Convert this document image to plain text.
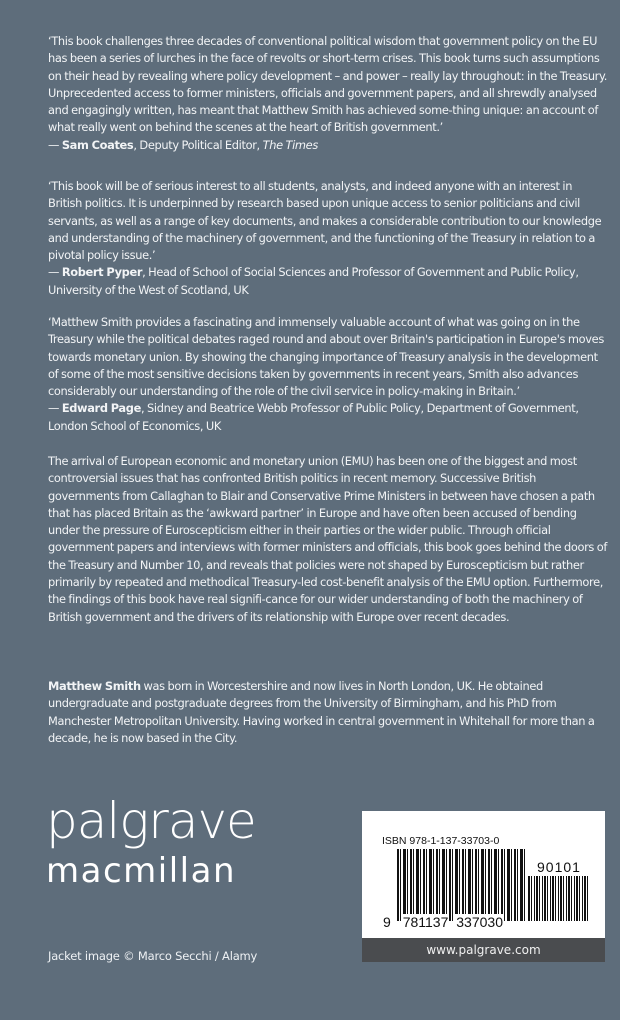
‘This book challenges three decades of conventional political wisdom that government policy on the EU has been a series of lurches in the face of revolts or short-term crises. This book turns such assumptions on their head by revealing where policy development – and power – really lay throughout: in the Treasury. Unprecedented access to former ministers, officials and government papers, and all shrewdly analysed and engagingly written, has meant that Matthew Smith has achieved some-thing unique: an account of what really went on behind the scenes at the heart of British government.’
— Sam Coates, Deputy Political Editor, The Times

‘This book will be of serious interest to all students, analysts, and indeed anyone with an interest in British politics. It is underpinned by research based upon unique access to senior politicians and civil servants, as well as a range of key documents, and makes a considerable contribution to our knowledge and understanding of the machinery of government, and the functioning of the Treasury in relation to a pivotal policy issue.’
— Robert Pyper, Head of School of Social Sciences and Professor of Government and Public Policy, University of the West of Scotland, UK

‘Matthew Smith provides a fascinating and immensely valuable account of what was going on in the Treasury while the political debates raged round and about over Britain's participation in Europe's moves towards monetary union. By showing the changing importance of Treasury analysis in the development of some of the most sensitive decisions taken by governments in recent years, Smith also advances considerably our understanding of the role of the civil service in policy-making in Britain.’
— Edward Page, Sidney and Beatrice Webb Professor of Public Policy, Department of Government, London School of Economics, UK

The arrival of European economic and monetary union (EMU) has been one of the biggest and most controversial issues that has confronted British politics in recent memory. Successive British governments from Callaghan to Blair and Conservative Prime Ministers in between have chosen a path that has placed Britain as the ‘awkward partner’ in Europe and have often been accused of bending under the pressure of Euroscepticism either in their parties or the wider public. Through official government papers and interviews with former ministers and officials, this book goes behind the doors of the Treasury and Number 10, and reveals that policies were not shaped by Euroscepticism but rather primarily by repeated and methodical Treasury-led cost-benefit analysis of the EMU option. Furthermore, the findings of this book have real signifi-cance for our wider understanding of both the machinery of British government and the drivers of its relationship with Europe over recent decades.

Matthew Smith was born in Worcestershire and now lives in North London, UK. He obtained undergraduate and postgraduate degrees from the University of Birmingham, and his PhD from Manchester Metropolitan University. Having worked in central government in Whitehall for more than a decade, he is now based in the City.

palgrave
macmillan
Jacket image © Marco Secchi / Alamy
ISBN 978-1-137-33703-0
90101
9 781137 337030
www.palgrave.com
